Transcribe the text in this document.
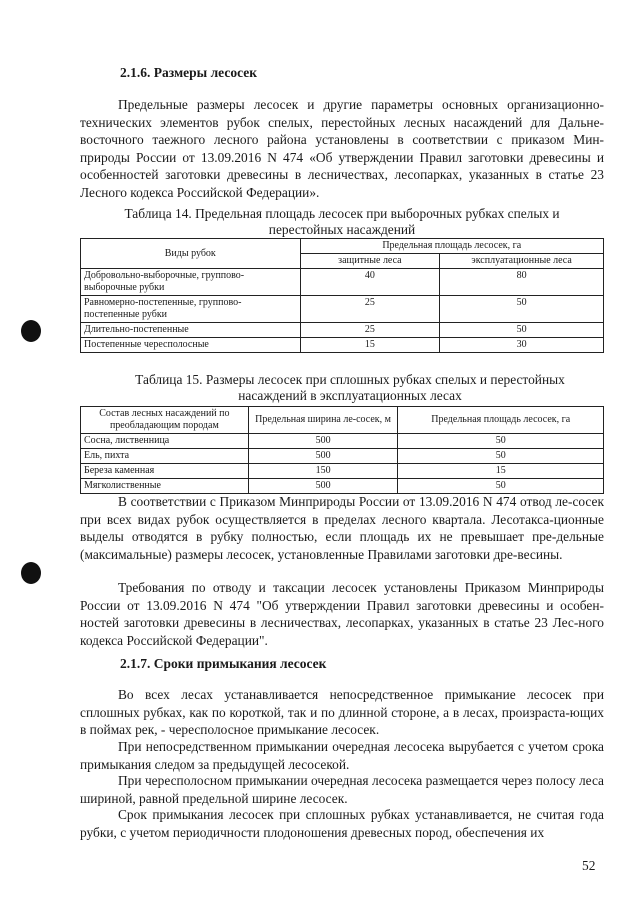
2.1.6. Размеры лесосек

Предельные размеры лесосек и другие параметры основных организационно-технических элементов рубок спелых, перестойных лесных насаждений для Дальне-восточного таежного лесного района установлены в соответствии с приказом Мин-природы России от 13.09.2016 N 474 «Об утверждении Правил заготовки древесины и особенностей заготовки древесины в лесничествах, лесопарках, указанных в статье 23 Лесного кодекса Российской Федерации».

Таблица 14. Предельная площадь лесосек при выборочных рубках спелых и перестойных насаждений

Виды рубок	Предельная площадь лесосек, га	
	защитные леса	эксплуатационные леса
Добровольно-выборочные, группово-выборочные рубки	40	80
Равномерно-постепенные, группово-постепенные рубки	25	50
Длительно-постепенные	25	50
Постепенные чересполосные	15	30

Таблица 15. Размеры лесосек при сплошных рубках спелых и перестойных насаждений в эксплуатационных лесах

Состав лесных насаждений по преобладающим породам	Предельная ширина ле-сосек, м	Предельная площадь лесосек, га
Сосна, лиственница	500	50
Ель, пихта	500	50
Береза каменная	150	15
Мягколиственные	500	50

В соответствии с Приказом Минприроды России от 13.09.2016 N 474 отвод ле-сосек при всех видах рубок осуществляется в пределах лесного квартала. Лесотакса-ционные выделы отводятся в рубку полностью, если площадь их не превышает пре-дельные (максимальные) размеры лесосек, установленные Правилами заготовки дре-весины.

Требования по отводу и таксации лесосек установлены Приказом Минприроды России от 13.09.2016 N 474 "Об утверждении Правил заготовки древесины и особен-ностей заготовки древесины в лесничествах, лесопарках, указанных в статье 23 Лес-ного кодекса Российской Федерации".

2.1.7. Сроки примыкания лесосек

Во всех лесах устанавливается непосредственное примыкание лесосек при сплошных рубках, как по короткой, так и по длинной стороне, а в лесах, произраста-ющих в поймах рек, - чересполосное примыкание лесосек.

При непосредственном примыкании очередная лесосека вырубается с учетом срока примыкания следом за предыдущей лесосекой.

При чересполосном примыкании очередная лесосека размещается через полосу леса шириной, равной предельной ширине лесосек.

Срок примыкания лесосек при сплошных рубках устанавливается, не считая года рубки, с учетом периодичности плодоношения древесных пород, обеспечения их

52
